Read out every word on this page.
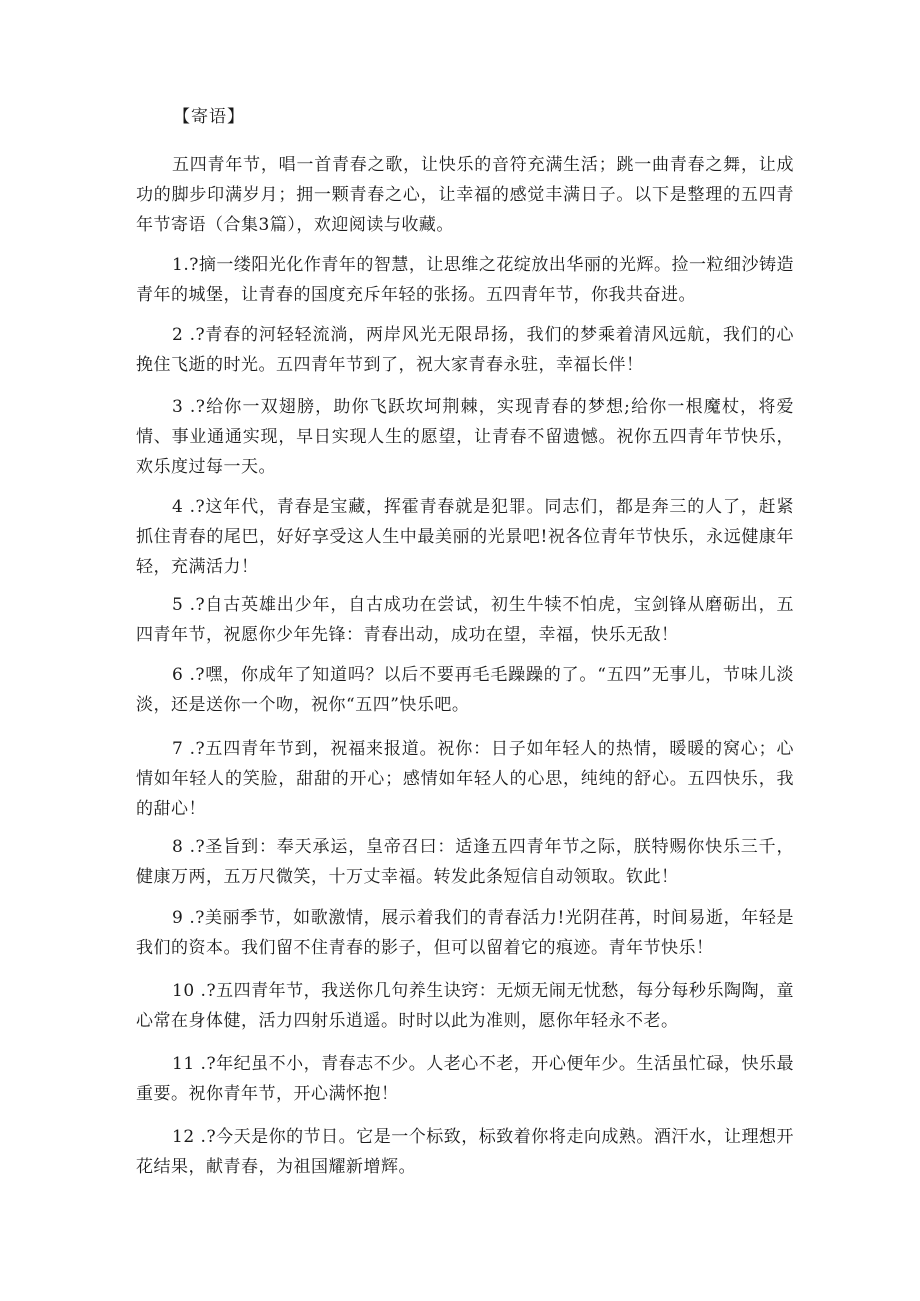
【寄语】

五四青年节，唱一首青春之歌，让快乐的音符充满生活；跳一曲青春之舞，让成功的脚步印满岁月；拥一颗青春之心，让幸福的感觉丰满日子。以下是整理的五四青年节寄语（合集3篇），欢迎阅读与收藏。

1.?摘一缕阳光化作青年的智慧，让思维之花绽放出华丽的光辉。捡一粒细沙铸造青年的城堡，让青春的国度充斥年轻的张扬。五四青年节，你我共奋进。

2 .?青春的河轻轻流淌，两岸风光无限昂扬，我们的梦乘着清风远航，我们的心挽住飞逝的时光。五四青年节到了，祝大家青春永驻，幸福长伴！

3 .?给你一双翅膀，助你飞跃坎坷荆棘，实现青春的梦想;给你一根魔杖，将爱情、事业通通实现，早日实现人生的愿望，让青春不留遗憾。祝你五四青年节快乐，欢乐度过每一天。

4 .?这年代，青春是宝藏，挥霍青春就是犯罪。同志们，都是奔三的人了，赶紧抓住青春的尾巴，好好享受这人生中最美丽的光景吧!祝各位青年节快乐，永远健康年轻，充满活力！

5 .?自古英雄出少年，自古成功在尝试，初生牛犊不怕虎，宝剑锋从磨砺出，五四青年节，祝愿你少年先锋：青春出动，成功在望，幸福，快乐无敌！

6 .?嘿，你成年了知道吗？以后不要再毛毛躁躁的了。“五四”无事儿，节味儿淡淡，还是送你一个吻，祝你“五四”快乐吧。

7 .?五四青年节到，祝福来报道。祝你：日子如年轻人的热情，暖暖的窝心；心情如年轻人的笑脸，甜甜的开心；感情如年轻人的心思，纯纯的舒心。五四快乐，我的甜心！

8 .?圣旨到：奉天承运，皇帝召曰：适逢五四青年节之际，朕特赐你快乐三千，健康万两，五万尺微笑，十万丈幸福。转发此条短信自动领取。钦此！

9 .?美丽季节，如歌激情，展示着我们的青春活力!光阴荏苒，时间易逝，年轻是我们的资本。我们留不住青春的影子，但可以留着它的痕迹。青年节快乐！

10 .?五四青年节，我送你几句养生诀窍：无烦无闹无忧愁，每分每秒乐陶陶，童心常在身体健，活力四射乐逍遥。时时以此为准则，愿你年轻永不老。

11 .?年纪虽不小，青春志不少。人老心不老，开心便年少。生活虽忙碌，快乐最重要。祝你青年节，开心满怀抱！

12 .?今天是你的节日。它是一个标致，标致着你将走向成熟。酒汗水，让理想开花结果，献青春，为祖国耀新增辉。
